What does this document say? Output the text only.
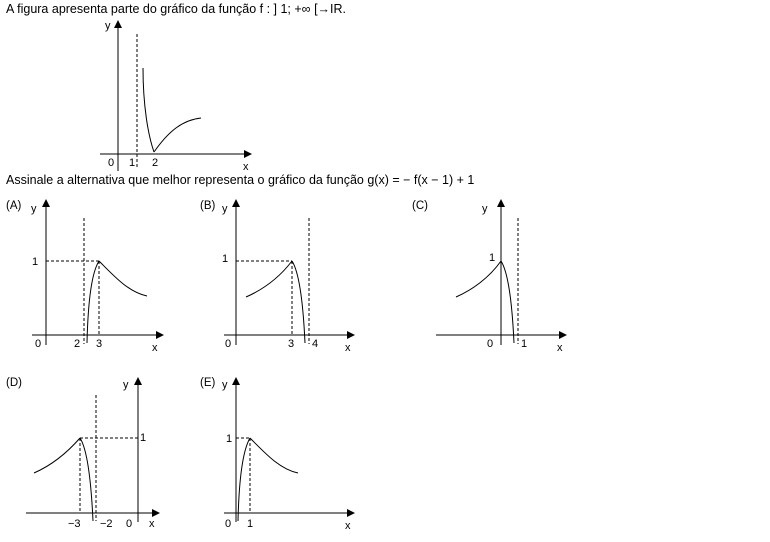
A figura apresenta parte do gráfico da função f : ] 1; +∞ [→IR.
Assinale a alternativa que melhor representa o gráfico da função g(x) = − f(x − 1) + 1
(A)	(B)	(C)
(D)	(E)
y
x
0 1 2
y
x
0	2 3
1
y
x
0	3 4
1
y
x
0	1
1
y
x
−3 −2 0
1
y
x
0 1
1
